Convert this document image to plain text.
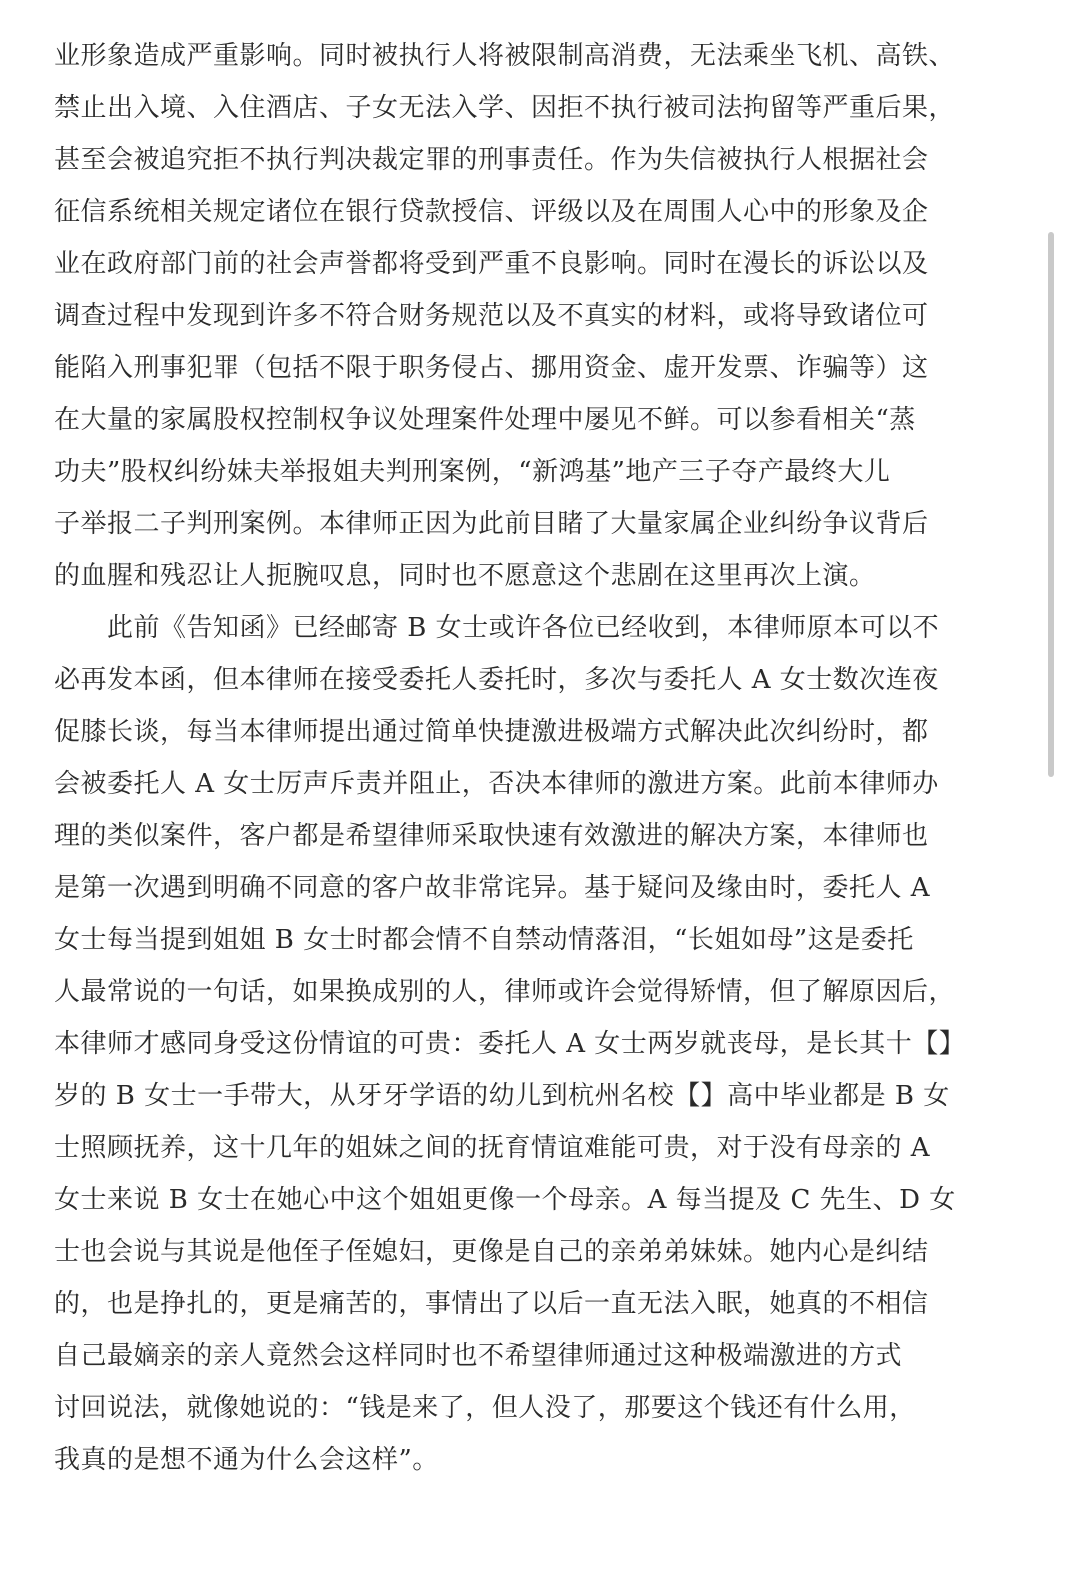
业形象造成严重影响。同时被执行人将被限制高消费，无法乘坐飞机、高铁、
禁止出入境、入住酒店、子女无法入学、因拒不执行被司法拘留等严重后果，
甚至会被追究拒不执行判决裁定罪的刑事责任。作为失信被执行人根据社会
征信系统相关规定诸位在银行贷款授信、评级以及在周围人心中的形象及企
业在政府部门前的社会声誉都将受到严重不良影响。同时在漫长的诉讼以及
调查过程中发现到许多不符合财务规范以及不真实的材料，或将导致诸位可
能陷入刑事犯罪（包括不限于职务侵占、挪用资金、虚开发票、诈骗等）这
在大量的家属股权控制权争议处理案件处理中屡见不鲜。可以参看相关“蒸
功夫”股权纠纷妹夫举报姐夫判刑案例，“新鸿基”地产三子夺产最终大儿
子举报二子判刑案例。本律师正因为此前目睹了大量家属企业纠纷争议背后
的血腥和残忍让人扼腕叹息，同时也不愿意这个悲剧在这里再次上演。
　　此前《告知函》已经邮寄 B 女士或许各位已经收到，本律师原本可以不
必再发本函，但本律师在接受委托人委托时，多次与委托人 A 女士数次连夜
促膝长谈，每当本律师提出通过简单快捷激进极端方式解决此次纠纷时，都
会被委托人 A 女士厉声斥责并阻止，否决本律师的激进方案。此前本律师办
理的类似案件，客户都是希望律师采取快速有效激进的解决方案，本律师也
是第一次遇到明确不同意的客户故非常诧异。基于疑问及缘由时，委托人 A
女士每当提到姐姐 B 女士时都会情不自禁动情落泪，“长姐如母”这是委托
人最常说的一句话，如果换成别的人，律师或许会觉得矫情，但了解原因后，
本律师才感同身受这份情谊的可贵：委托人 A 女士两岁就丧母，是长其十【】
岁的 B 女士一手带大，从牙牙学语的幼儿到杭州名校【】高中毕业都是 B 女
士照顾抚养，这十几年的姐妹之间的抚育情谊难能可贵，对于没有母亲的 A
女士来说 B 女士在她心中这个姐姐更像一个母亲。A 每当提及 C 先生、D 女
士也会说与其说是他侄子侄媳妇，更像是自己的亲弟弟妹妹。她内心是纠结
的，也是挣扎的，更是痛苦的，事情出了以后一直无法入眠，她真的不相信
自己最嫡亲的亲人竟然会这样同时也不希望律师通过这种极端激进的方式
讨回说法，就像她说的：“钱是来了，但人没了，那要这个钱还有什么用，
我真的是想不通为什么会这样”。
